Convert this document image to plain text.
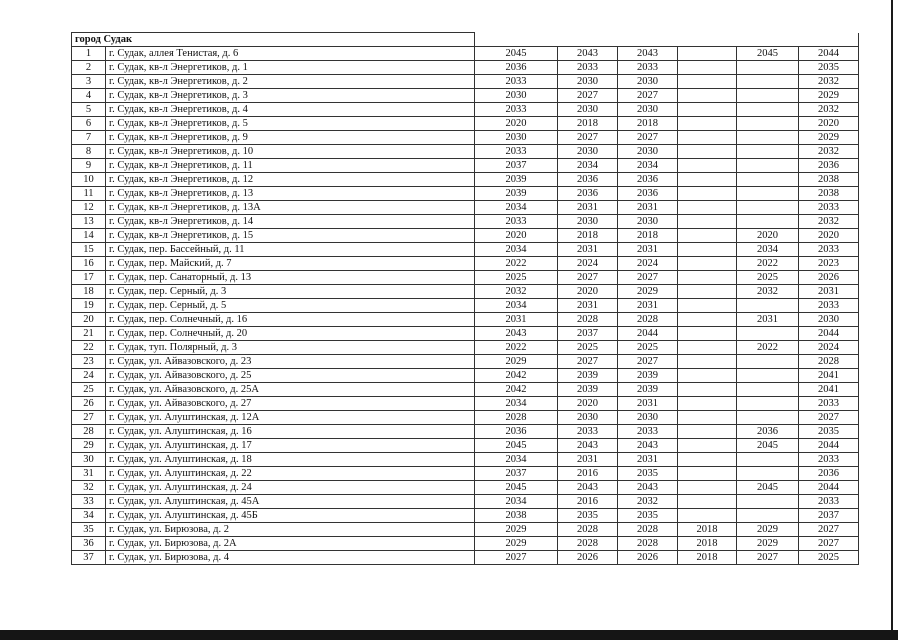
город Судак							
1	г. Судак, аллея Тенистая, д. 6	2045	2043	2043		2045	2044
2	г. Судак, кв-л Энергетиков, д. 1	2036	2033	2033			2035
3	г. Судак, кв-л Энергетиков, д. 2	2033	2030	2030			2032
4	г. Судак, кв-л Энергетиков, д. 3	2030	2027	2027			2029
5	г. Судак, кв-л Энергетиков, д. 4	2033	2030	2030			2032
6	г. Судак, кв-л Энергетиков, д. 5	2020	2018	2018			2020
7	г. Судак, кв-л Энергетиков, д. 9	2030	2027	2027			2029
8	г. Судак, кв-л Энергетиков, д. 10	2033	2030	2030			2032
9	г. Судак, кв-л Энергетиков, д. 11	2037	2034	2034			2036
10	г. Судак, кв-л Энергетиков, д. 12	2039	2036	2036			2038
11	г. Судак, кв-л Энергетиков, д. 13	2039	2036	2036			2038
12	г. Судак, кв-л Энергетиков, д. 13А	2034	2031	2031			2033
13	г. Судак, кв-л Энергетиков, д. 14	2033	2030	2030			2032
14	г. Судак, кв-л Энергетиков, д. 15	2020	2018	2018		2020	2020
15	г. Судак, пер. Бассейный, д. 11	2034	2031	2031		2034	2033
16	г. Судак, пер. Майский, д. 7	2022	2024	2024		2022	2023
17	г. Судак, пер. Санаторный, д. 13	2025	2027	2027		2025	2026
18	г. Судак, пер. Серный, д. 3	2032	2020	2029		2032	2031
19	г. Судак, пер. Серный, д. 5	2034	2031	2031			2033
20	г. Судак, пер. Солнечный, д. 16	2031	2028	2028		2031	2030
21	г. Судак, пер. Солнечный, д. 20	2043	2037	2044			2044
22	г. Судак, туп. Полярный, д. 3	2022	2025	2025		2022	2024
23	г. Судак, ул. Айвазовского, д. 23	2029	2027	2027			2028
24	г. Судак, ул. Айвазовского, д. 25	2042	2039	2039			2041
25	г. Судак, ул. Айвазовского, д. 25А	2042	2039	2039			2041
26	г. Судак, ул. Айвазовского, д. 27	2034	2020	2031			2033
27	г. Судак, ул. Алуштинская, д. 12А	2028	2030	2030			2027
28	г. Судак, ул. Алуштинская, д. 16	2036	2033	2033		2036	2035
29	г. Судак, ул. Алуштинская, д. 17	2045	2043	2043		2045	2044
30	г. Судак, ул. Алуштинская, д. 18	2034	2031	2031			2033
31	г. Судак, ул. Алуштинская, д. 22	2037	2016	2035			2036
32	г. Судак, ул. Алуштинская, д. 24	2045	2043	2043		2045	2044
33	г. Судак, ул. Алуштинская, д. 45А	2034	2016	2032			2033
34	г. Судак, ул. Алуштинская, д. 45Б	2038	2035	2035			2037
35	г. Судак, ул. Бирюзова, д. 2	2029	2028	2028	2018	2029	2027
36	г. Судак, ул. Бирюзова, д. 2А	2029	2028	2028	2018	2029	2027
37	г. Судак, ул. Бирюзова, д. 4	2027	2026	2026	2018	2027	2025
